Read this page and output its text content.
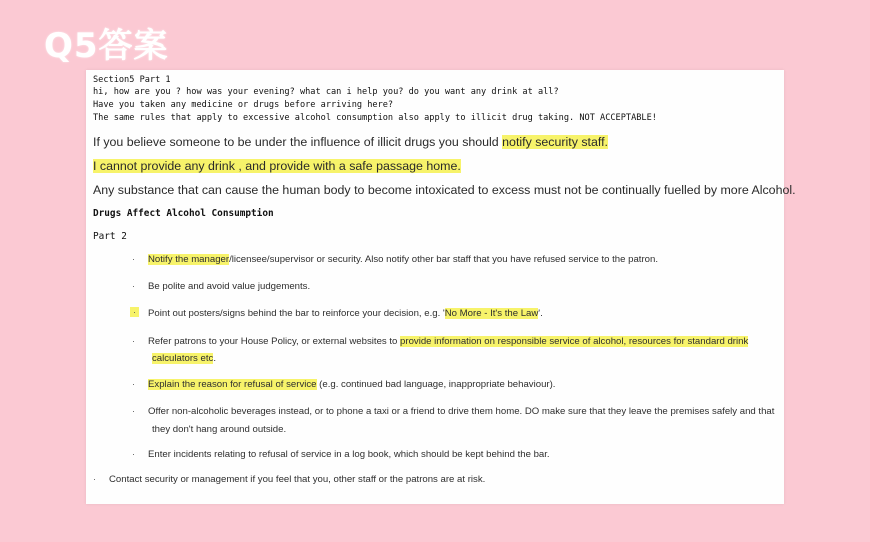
Q5答案
Section5 Part 1
hi, how are you ? how was your evening? what can i help you? do you want any drink at all?
Have you taken any medicine or drugs before arriving here?
The same rules that apply to excessive alcohol consumption also apply to illicit drug taking. NOT ACCEPTABLE!
If you believe someone to be under the influence of illicit drugs you should notify security staff.
I cannot provide any drink , and provide with a safe passage home.
Any substance that can cause the human body to become intoxicated to excess must not be continually fuelled by more Alcohol.
Drugs Affect Alcohol Consumption
Part 2
· Notify the manager/licensee/supervisor or security. Also notify other bar staff that you have refused service to the patron.
· Be polite and avoid value judgements.
·	Point out posters/signs behind the bar to reinforce your decision, e.g. 'No More - It's the Law'.
· Refer patrons to your House Policy, or external websites to provide information on responsible service of alcohol, resources for standard drink
calculators etc.
· Explain the reason for refusal of service (e.g. continued bad language, inappropriate behaviour).
· Offer non-alcoholic beverages instead, or to phone a taxi or a friend to drive them home. DO make sure that they leave the premises safely and that
they don't hang around outside.
· Enter incidents relating to refusal of service in a log book, which should be kept behind the bar.
· Contact security or management if you feel that you, other staff or the patrons are at risk.
